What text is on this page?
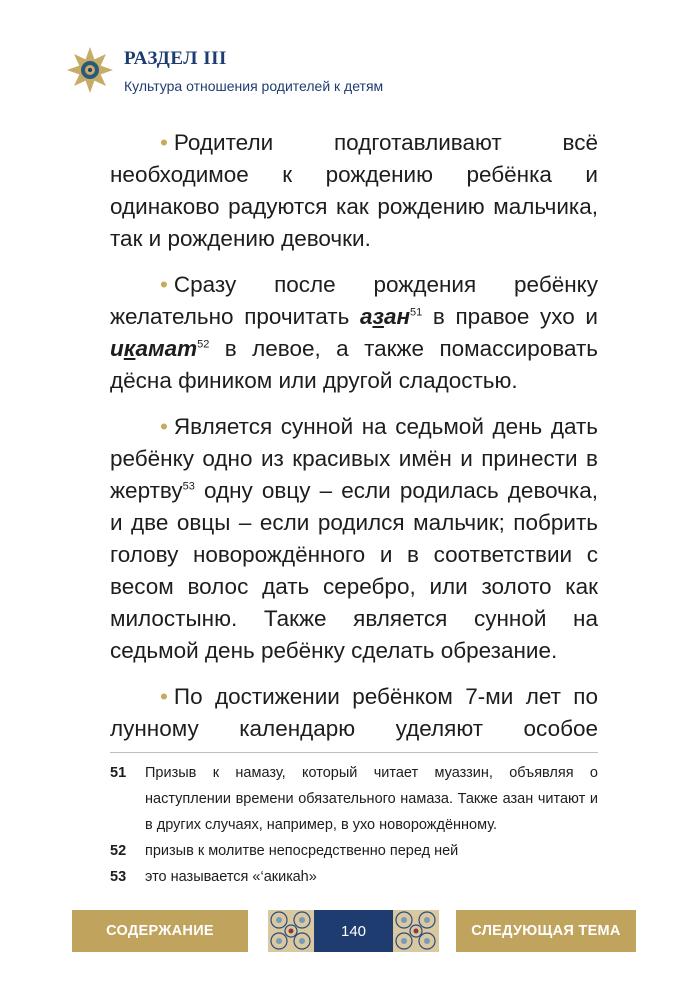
РАЗДЕЛ III
Культура отношения родителей к детям

• Родители подготавливают всё необходимое к рождению ребёнка и одинаково радуются как рождению мальчика, так и рождению девочки.

• Сразу после рождения ребёнку желательно прочитать азан$^{51}$ в правое ухо и икамат$^{52}$ в левое, а также помассировать дёсна фиником или другой сладостью.

• Является сунной на седьмой день дать ребёнку одно из красивых имён и принести в жертву$^{53}$ одну овцу – если родилась девочка, и две овцы – если родился мальчик; побрить голову новорождённого и в соответствии с весом волос дать серебро, или золото как милостыню. Также является сунной на седьмой день ребёнку сделать обрезание.

• По достижении ребёнком 7-ми лет по лунному календарю уделяют особое

51	Призыв к намазу, который читает муаззин, объявляя о наступлении времени обязательного намаза. Также азан читают и в других случаях, например, в ухо новорождённому.
52	призыв к молитве непосредственно перед ней
53	это называется «‘акикah»
СОДЕРЖАНИЕ	140	СЛЕДУЮЩАЯ ТЕМА
